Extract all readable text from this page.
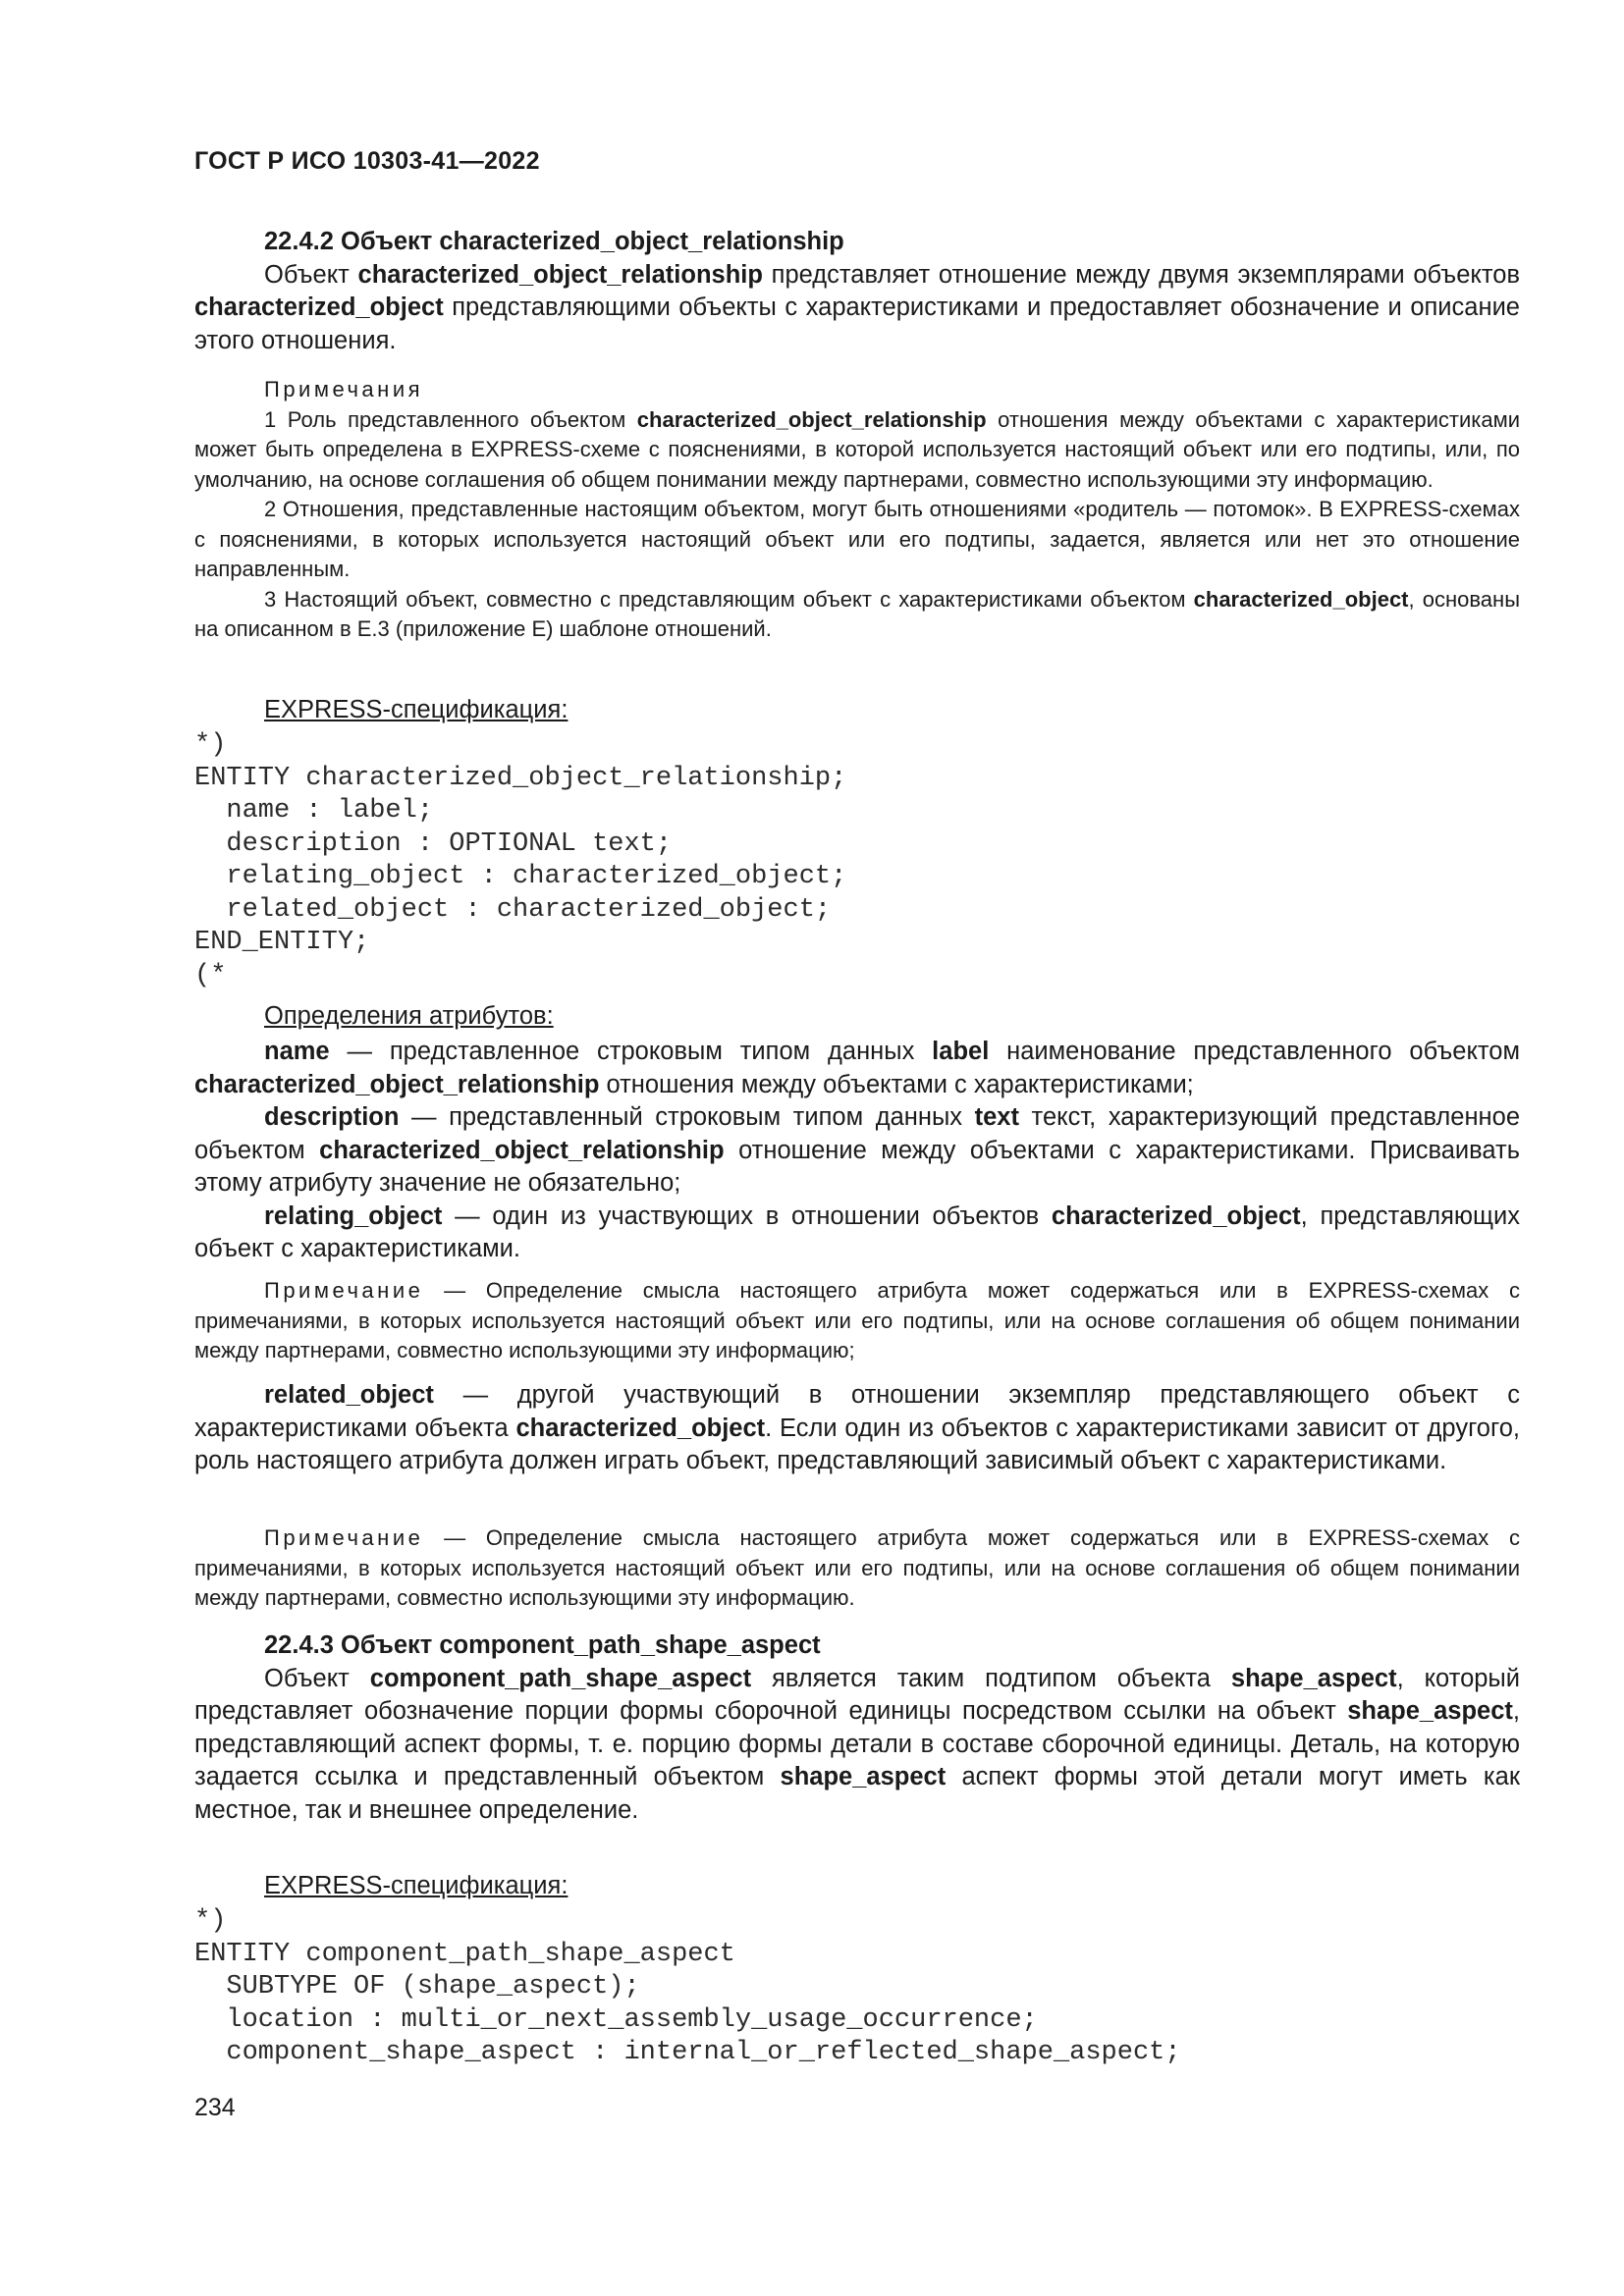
ГОСТ Р ИСО 10303-41—2022

22.4.2 Объект characterized_object_relationship

Объект characterized_object_relationship представляет отношение между двумя экземплярами объектов characterized_object представляющими объекты с характеристиками и предоставляет обозначение и описание этого отношения.

Примечания

1 Роль представленного объектом characterized_object_relationship отношения между объектами с характеристиками может быть определена в EXPRESS-схеме с пояснениями, в которой используется настоящий объект или его подтипы, или, по умолчанию, на основе соглашения об общем понимании между партнерами, совместно использующими эту информацию.

2 Отношения, представленные настоящим объектом, могут быть отношениями «родитель — потомок». В EXPRESS-схемах с пояснениями, в которых используется настоящий объект или его подтипы, задается, является или нет это отношение направленным.

3 Настоящий объект, совместно с представляющим объект с характеристиками объектом characterized_object, основаны на описанном в Е.3 (приложение Е) шаблоне отношений.

EXPRESS-спецификация:
*)
ENTITY characterized_object_relationship;
name : label;
description : OPTIONAL text;
relating_object : characterized_object;
related_object : characterized_object;
END_ENTITY;
(*
Определения атрибутов:

name — представленное строковым типом данных label наименование представленного объектом characterized_object_relationship отношения между объектами с характеристиками;

description — представленный строковым типом данных text текст, характеризующий представленное объектом characterized_object_relationship отношение между объектами с характеристиками. Присваивать этому атрибуту значение не обязательно;

relating_object — один из участвующих в отношении объектов characterized_object, представляющих объект с характеристиками.

Примечание — Определение смысла настоящего атрибута может содержаться или в EXPRESS-схемах с примечаниями, в которых используется настоящий объект или его подтипы, или на основе соглашения об общем понимании между партнерами, совместно использующими эту информацию;

related_object — другой участвующий в отношении экземпляр представляющего объект с характеристиками объекта characterized_object. Если один из объектов с характеристиками зависит от другого, роль настоящего атрибута должен играть объект, представляющий зависимый объект с характеристиками.

Примечание — Определение смысла настоящего атрибута может содержаться или в EXPRESS-схемах с примечаниями, в которых используется настоящий объект или его подтипы, или на основе соглашения об общем понимании между партнерами, совместно использующими эту информацию.

22.4.3 Объект component_path_shape_aspect

Объект component_path_shape_aspect является таким подтипом объекта shape_aspect, который представляет обозначение порции формы сборочной единицы посредством ссылки на объект shape_aspect, представляющий аспект формы, т. е. порцию формы детали в составе сборочной единицы. Деталь, на которую задается ссылка и представленный объектом shape_aspect аспект формы этой детали могут иметь как местное, так и внешнее определение.

EXPRESS-спецификация:
*)
ENTITY component_path_shape_aspect
SUBTYPE OF (shape_aspect);
location : multi_or_next_assembly_usage_occurrence;
component_shape_aspect : internal_or_reflected_shape_aspect;
234
